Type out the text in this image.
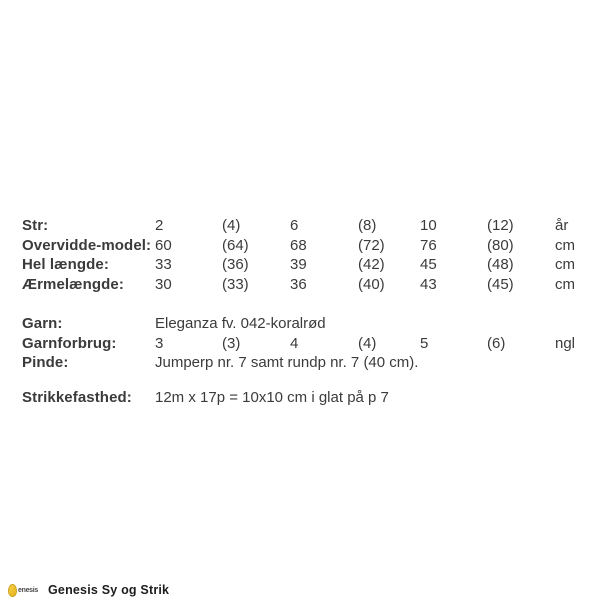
Str:	2	(4)	6	(8)	10	(12)	år
Overvidde-model: 60	(64)	68	(72)	76	(80)	cm
Hel længde:	33	(36)	39	(42)	45	(48)	cm
Ærmelængde:	30	(33)	36	(40)	43	(45)	cm
Garn:	Eleganza fv. 042-koralrød
Garnforbrug:	3	(3)	4	(4)	5	(6)	ngl
Pinde:	Jumperp nr. 7 samt rundp nr. 7 (40 cm).
Strikkefasthed:	12m x 17p = 10x10 cm i glat på p 7
enesis Genesis Sy og Strik
